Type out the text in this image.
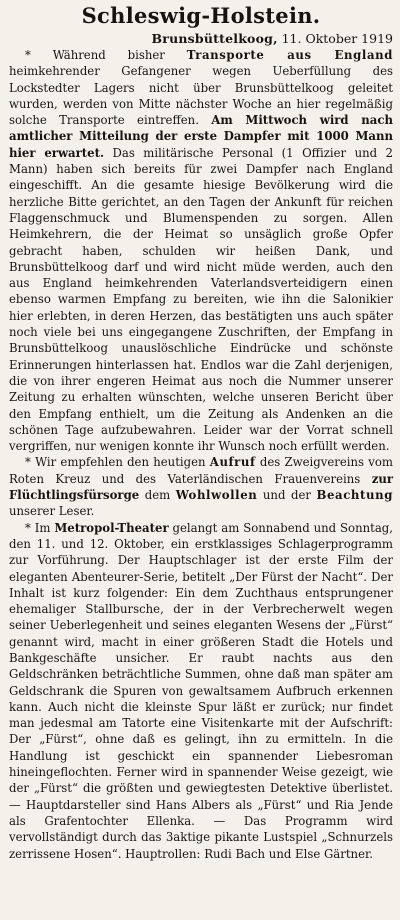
Schleswig-Holstein.
Brunsbüttelkoog, 11. Oktober 1919

* Während bisher Transporte aus England heimkehrender Gefangener wegen Ueberfüllung des Lockstedter Lagers nicht über Brunsbüttelkoog geleitet wurden, werden von Mitte nächster Woche an hier regelmäßig solche Transporte eintreffen. Am Mittwoch wird nach amtlicher Mitteilung der erste Dampfer mit 1000 Mann hier erwartet. Das militärische Personal (1 Offizier und 2 Mann) haben sich bereits für zwei Dampfer nach England eingeschifft. An die gesamte hiesige Bevölkerung wird die herzliche Bitte gerichtet, an den Tagen der Ankunft für reichen Flaggenschmuck und Blumenspenden zu sorgen. Allen Heimkehrern, die der Heimat so unsäglich große Opfer gebracht haben, schulden wir heißen Dank, und Brunsbüttelkoog darf und wird nicht müde werden, auch den aus England heimkehrenden Vaterlandsverteidigern einen ebenso warmen Empfang zu bereiten, wie ihn die Salonikier hier erlebten, in deren Herzen, das bestätigten uns auch später noch viele bei uns eingegangene Zuschriften, der Empfang in Brunsbüttelkoog unauslöschliche Eindrücke und schönste Erinnerungen hinterlassen hat. Endlos war die Zahl derjenigen, die von ihrer engeren Heimat aus noch die Nummer unserer Zeitung zu erhalten wünschten, welche unseren Bericht über den Empfang enthielt, um die Zeitung als Andenken an die schönen Tage aufzubewahren. Leider war der Vorrat schnell vergriffen, nur wenigen konnte ihr Wunsch noch erfüllt werden.

* Wir empfehlen den heutigen Aufruf des Zweigvereins vom Roten Kreuz und des Vaterländischen Frauenvereins zur Flüchtlingsfürsorge dem Wohlwollen und der Beachtung unserer Leser.

* Im Metropol-Theater gelangt am Sonnabend und Sonntag, den 11. und 12. Oktober, ein erstklassiges Schlagerprogramm zur Vorführung. Der Hauptschlager ist der erste Film der eleganten Abenteurer-Serie, betitelt „Der Fürst der Nacht“. Der Inhalt ist kurz folgender: Ein dem Zuchthaus entsprungener ehemaliger Stallbursche, der in der Verbrecherwelt wegen seiner Ueberlegenheit und seines eleganten Wesens der „Fürst“ genannt wird, macht in einer größeren Stadt die Hotels und Bankgeschäfte unsicher. Er raubt nachts aus den Geldschränken beträchtliche Summen, ohne daß man später am Geldschrank die Spuren von gewaltsamem Aufbruch erkennen kann. Auch nicht die kleinste Spur läßt er zurück; nur findet man jedesmal am Tatorte eine Visitenkarte mit der Aufschrift: Der „Fürst“, ohne daß es gelingt, ihn zu ermitteln. In die Handlung ist geschickt ein spannender Liebesroman hineingeflochten. Ferner wird in spannender Weise gezeigt, wie der „Fürst“ die größten und gewiegtesten Detektive überlistet. — Hauptdarsteller sind Hans Albers als „Fürst“ und Ria Jende als Grafentochter Ellenka. — Das Programm wird vervollständigt durch das 3aktige pikante Lustspiel „Schnurzels zerrissene Hosen“. Hauptrollen: Rudi Bach und Else Gärtner.
